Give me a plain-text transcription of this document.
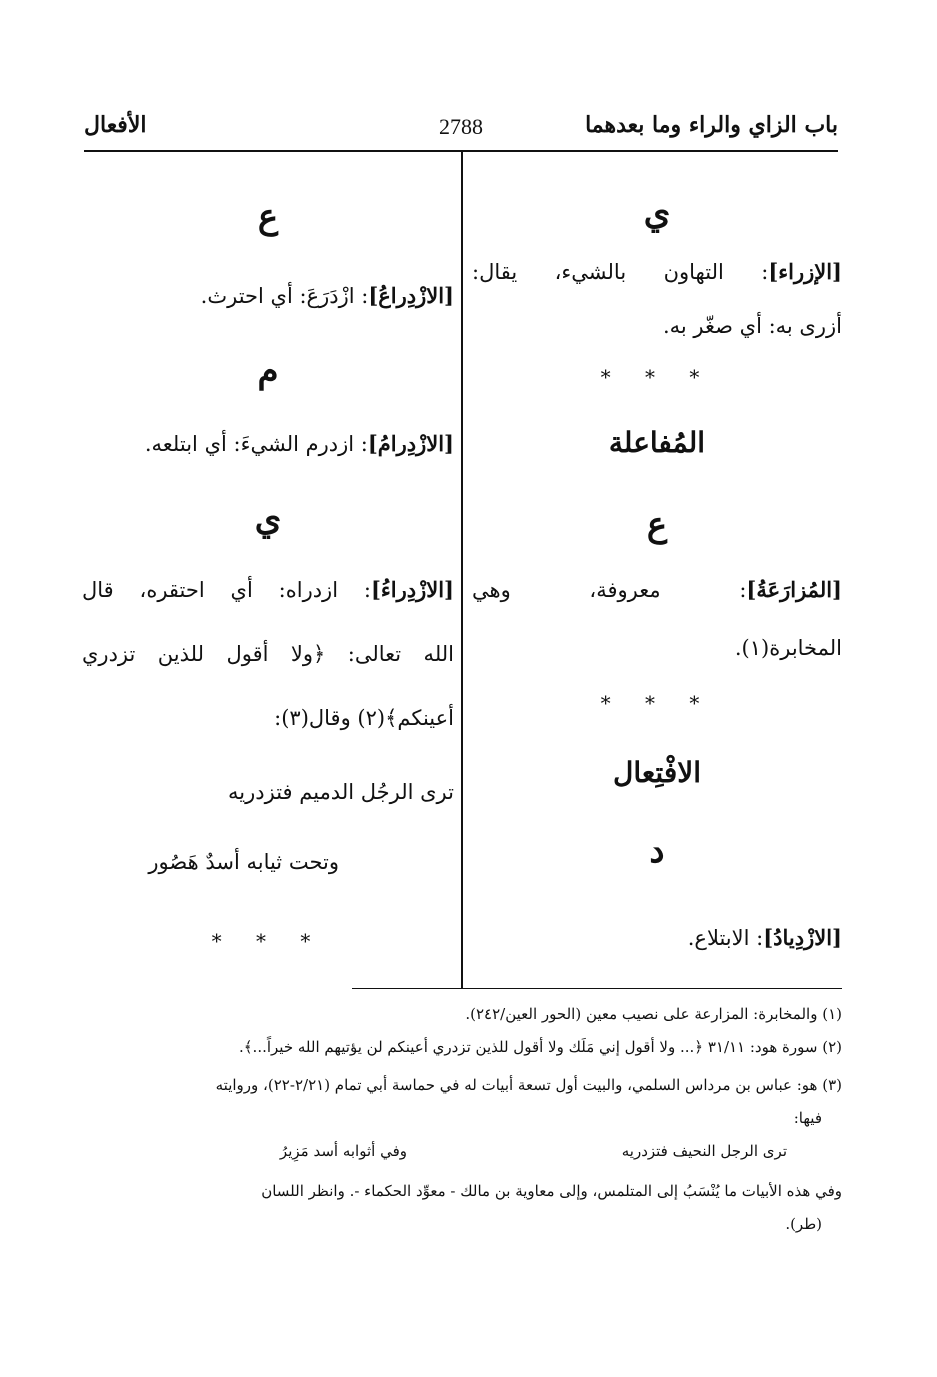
باب الزاي والراء وما بعدهما
2788
الأفعال
ي
[الإزراء]: التهاون بالشيء، يقال:
أزرى به: أي صغّر به.
* * *
المُفاعلة
ع
[المُزارَعَةُ]: معروفة، وهي
المخابرة(١).
* * *
الافْتِعال
د
[الازْدِيادُ]: الابتلاع.
ع
[الازْدِراعُ]: ازْدَرَعَ: أي احترث.
م
[الازْدِرامُ]: ازدرم الشيءَ: أي ابتلعه.
ي
[الازْدِراءُ]: ازدراه: أي احتقره، قال
الله تعالى: ﴿ولا أقول للذين تزدري
أعينكم﴾(٢) وقال(٣):
ترى الرجُل الدميم فتزدريه
وتحت ثيابه أسدٌ هَصُور
* * *
(١) والمخابرة: المزارعة على نصيب معين (الحور العين/٢٤٢).
(٢) سورة هود: ٣١/١١ ﴿... ولا أقول إني مَلَك ولا أقول للذين تزدري أعينكم لن يؤتيهم الله خيراً...﴾.
(٣) هو: عباس بن مرداس السلمي، والبيت أول تسعة أبيات له في حماسة أبي تمام (٢/٢١-٢٢)، وروايته
فيها:
ترى الرجل النحيف فتزدريه
وفي أثوابه أسد مَزِيرُ
وفي هذه الأبيات ما يُنْسَبُ إلى المتلمس، وإلى معاوية بن مالك - معوِّد الحكماء -. وانظر اللسان
(طر).
